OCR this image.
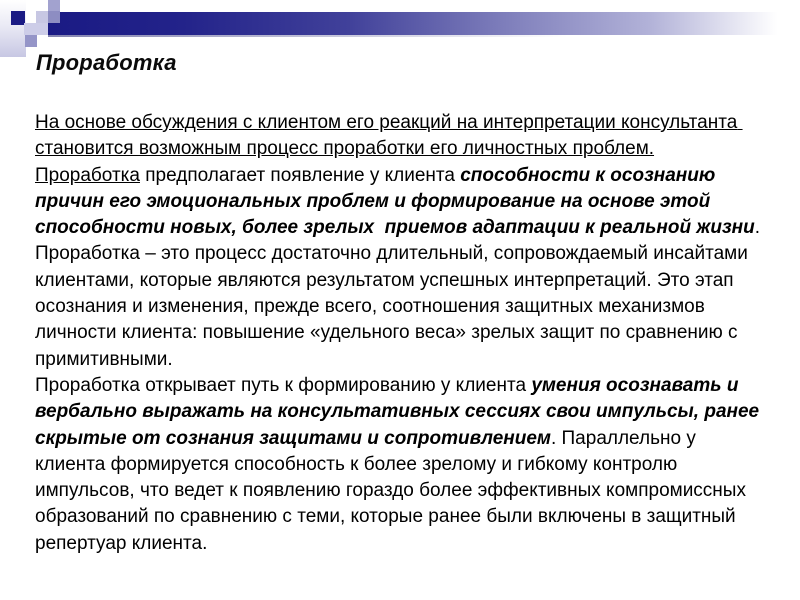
Проработка

На основе обсуждения с клиентом его реакций на интерпретации консультанта становится возможным процесс проработки его личностных проблем.

Проработка предполагает появление у клиента способности к осознанию причин его эмоциональных проблем и формирование на основе этой способности новых, более зрелых  приемов адаптации к реальной жизни. Проработка – это процесс достаточно длительный, сопровождаемый инсайтами клиентами, которые являются результатом успешных интерпретаций. Это этап осознания и изменения, прежде всего, соотношения защитных механизмов личности клиента: повышение «удельного веса» зрелых защит по сравнению с примитивными.

Проработка открывает путь к формированию у клиента умения осознавать и вербально выражать на консультативных сессиях свои импульсы, ранее скрытые от сознания защитами и сопротивлением. Параллельно у клиента формируется способность к более зрелому и гибкому контролю импульсов, что ведет к появлению гораздо более эффективных компромиссных образований по сравнению с теми, которые ранее были включены в защитный репертуар клиента.
